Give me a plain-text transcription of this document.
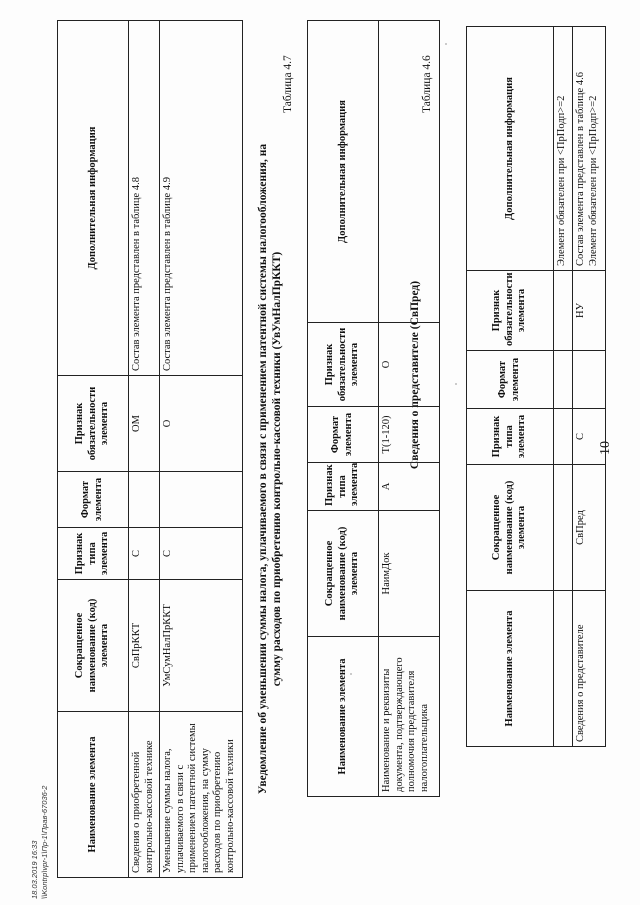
10
Наименование элемента	Сокращенное наименование (код) элемента	Признак типа элемента	Формат элемента	Признак обязательности элемента	Дополнительная информация
					Элемент обязателен при <ПрПодп>=2
Сведения о представителе	СвПред	С		НУ	Состав элемента представлен в таблице 4.6
Элемент обязателен при <ПрПодп>=2
Таблица 4.6
Сведения о представителе (СвПред)
Наименование элемента	Сокращенное наименование (код) элемента	Признак типа элемента	Формат элемента	Признак обязательности элемента	Дополнительная информация
Наименование и реквизиты документа, подтверждающего полномочия представителя налогоплательщика	НаимДок	А	T(1-120)	О	
Таблица 4.7
Уведомление об уменьшении суммы налога, уплачиваемого в связи с применением патентной системы налогообложения, на сумму расходов по приобретению контрольно-кассовой техники (УвУмНалПрККТ)
Наименование элемента	Сокращенное наименование (код) элемента	Признак типа элемента	Формат элемента	Признак обязательности элемента	Дополнительная информация
Сведения о приобретенной контрольно-кассовой технике	СвПрККТ	С		ОМ	Состав элемента представлен в таблице 4.8
Уменьшение суммы налога, уплачиваемого в связи с применением патентной системы налогообложения, на сумму расходов по приобретению контрольно-кассовой техники	УмСумНалПрККТ	С		О	Состав элемента представлен в таблице 4.9
18.03.2019 16:33 \\Kontrp\vpr-1\Пр-1\Прав-67036-2
